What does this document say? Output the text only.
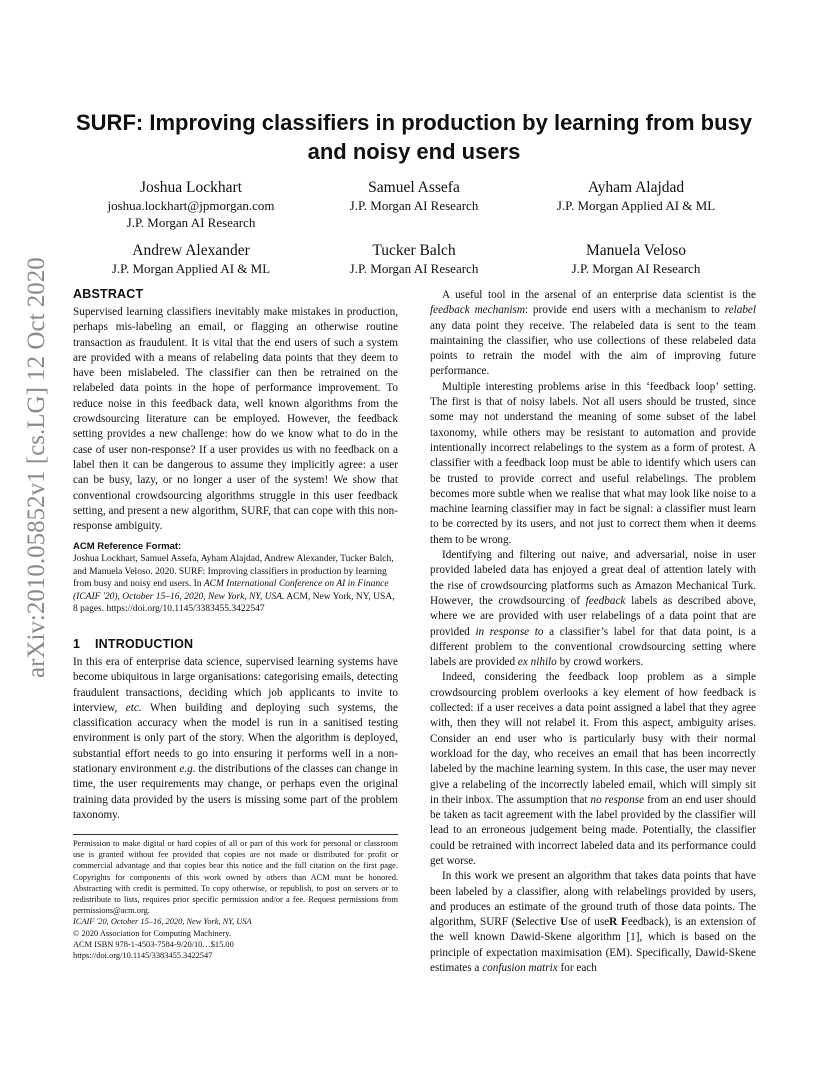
SURF: Improving classifiers in production by learning from busy
and noisy end users
Joshua Lockhart
joshua.lockhart@jpmorgan.com
J.P. Morgan AI Research
Samuel Assefa
J.P. Morgan AI Research
Ayham Alajdad
J.P. Morgan Applied AI & ML
Andrew Alexander
J.P. Morgan Applied AI & ML
Tucker Balch
J.P. Morgan AI Research
Manuela Veloso
J.P. Morgan AI Research
arXiv:2010.05852v1 [cs.LG] 12 Oct 2020	ABSTRACT

Supervised learning classifiers inevitably make mistakes in production, perhaps mis-labeling an email, or flagging an otherwise routine transaction as fraudulent. It is vital that the end users of such a system are provided with a means of relabeling data points that they deem to have been mislabeled. The classifier can then be retrained on the relabeled data points in the hope of performance improvement. To reduce noise in this feedback data, well known algorithms from the crowdsourcing literature can be employed. However, the feedback setting provides a new challenge: how do we know what to do in the case of user non-response? If a user provides us with no feedback on a label then it can be dangerous to assume they implicitly agree: a user can be busy, lazy, or no longer a user of the system! We show that conventional crowdsourcing algorithms struggle in this user feedback setting, and present a new algorithm, SURF, that can cope with this non-response ambiguity.

ACM Reference Format:

Joshua Lockhart, Samuel Assefa, Ayham Alajdad, Andrew Alexander, Tucker Balch, and Manuela Veloso. 2020. SURF: Improving classifiers in production by learning from busy and noisy end users. In ACM International Conference on AI in Finance (ICAIF '20), October 15–16, 2020, New York, NY, USA. ACM, New York, NY, USA, 8 pages. https://doi.org/10.1145/3383455.3422547

1 INTRODUCTION

In this era of enterprise data science, supervised learning systems have become ubiquitous in large organisations: categorising emails, detecting fraudulent transactions, deciding which job applicants to invite to interview, etc. When building and deploying such systems, the classification accuracy when the model is run in a sanitised testing environment is only part of the story. When the algorithm is deployed, substantial effort needs to go into ensuring it performs well in a non-stationary environment e.g. the distributions of the classes can change in time, the user requirements may change, or perhaps even the original training data provided by the users is missing some part of the problem taxonomy.

Permission to make digital or hard copies of all or part of this work for personal or classroom use is granted without fee provided that copies are not made or distributed for profit or commercial advantage and that copies bear this notice and the full citation on the first page. Copyrights for components of this work owned by others than ACM must be honored. Abstracting with credit is permitted. To copy otherwise, or republish, to post on servers or to redistribute to lists, requires prior specific permission and/or a fee. Request permissions from permissions@acm.org.

ICAIF '20, October 15–16, 2020, New York, NY, USA

© 2020 Association for Computing Machinery.

ACM ISBN 978-1-4503-7584-9/20/10…$15.00

https://doi.org/10.1145/3383455.3422547

A useful tool in the arsenal of an enterprise data scientist is the feedback mechanism: provide end users with a mechanism to relabel any data point they receive. The relabeled data is sent to the team maintaining the classifier, who use collections of these relabeled data points to retrain the model with the aim of improving future performance.

Multiple interesting problems arise in this ‘feedback loop’ setting. The first is that of noisy labels. Not all users should be trusted, since some may not understand the meaning of some subset of the label taxonomy, while others may be resistant to automation and provide intentionally incorrect relabelings to the system as a form of protest. A classifier with a feedback loop must be able to identify which users can be trusted to provide correct and useful relabelings. The problem becomes more subtle when we realise that what may look like noise to a machine learning classifier may in fact be signal: a classifier must learn to be corrected by its users, and not just to correct them when it deems them to be wrong.

Identifying and filtering out naive, and adversarial, noise in user provided labeled data has enjoyed a great deal of attention lately with the rise of crowdsourcing platforms such as Amazon Mechanical Turk. However, the crowdsourcing of feedback labels as described above, where we are provided with user relabelings of a data point that are provided in response to a classifier’s label for that data point, is a different problem to the conventional crowdsourcing setting where labels are provided ex nihilo by crowd workers.

Indeed, considering the feedback loop problem as a simple crowdsourcing problem overlooks a key element of how feedback is collected: if a user receives a data point assigned a label that they agree with, then they will not relabel it. From this aspect, ambiguity arises. Consider an end user who is particularly busy with their normal workload for the day, who receives an email that has been incorrectly labeled by the machine learning system. In this case, the user may never give a relabeling of the incorrectly labeled email, which will simply sit in their inbox. The assumption that no response from an end user should be taken as tacit agreement with the label provided by the classifier will lead to an erroneous judgement being made. Potentially, the classifier could be retrained with incorrect labeled data and its performance could get worse.

In this work we present an algorithm that takes data points that have been labeled by a classifier, along with relabelings provided by users, and produces an estimate of the ground truth of those data points. The algorithm, SURF (Selective Use of useR Feedback), is an extension of the well known Dawid-Skene algorithm [1], which is based on the principle of expectation maximisation (EM). Specifically, Dawid-Skene estimates a confusion matrix for each
